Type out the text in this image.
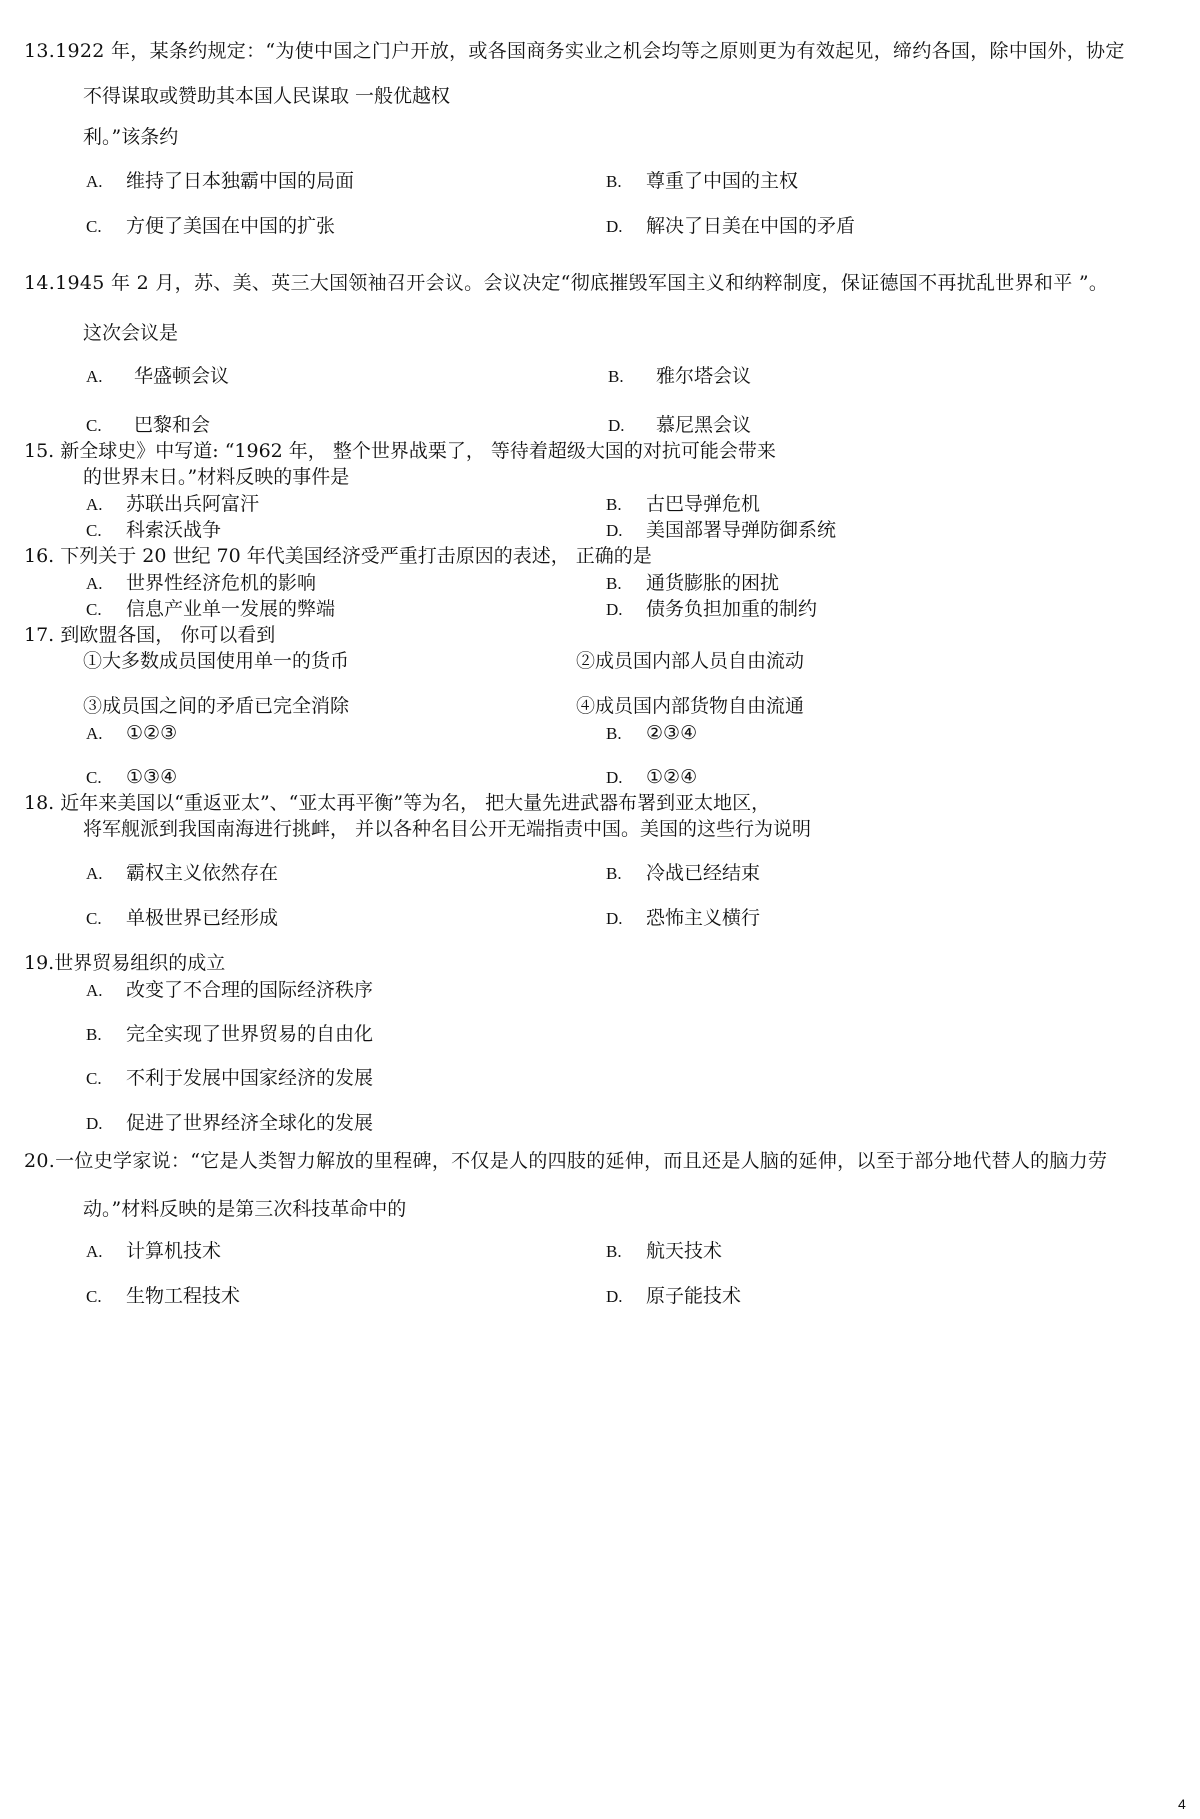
13.1922 年，某条约规定：“为使中国之门户开放，或各国商务实业之机会均等之原则更为有效起见，缔约各国，除中国外，协定
不得谋取或赞助其本国人民谋取 一般优越权
利。”该条约
A. 维持了日本独霸中国的局面	B. 尊重了中国的主权
C. 方便了美国在中国的扩张	D. 解决了日美在中国的矛盾
14.1945 年 2 月，苏、美、英三大国领袖召开会议。会议决定“彻底摧毁军国主义和纳粹制度，保证德国不再扰乱世界和平 ”。
这次会议是
A. 华盛顿会议	B. 雅尔塔会议
C. 巴黎和会	D. 慕尼黑会议
15. 新全球史》中写道: “1962 年， 整个世界战栗了， 等待着超级大国的对抗可能会带来
的世界末日。”材料反映的事件是
A. 苏联出兵阿富汗	B. 古巴导弹危机
C. 科索沃战争	D. 美国部署导弹防御系统
16. 下列关于 20 世纪 70 年代美国经济受严重打击原因的表述， 正确的是
A. 世界性经济危机的影响	B. 通货膨胀的困扰
C. 信息产业单一发展的弊端	D. 债务负担加重的制约
17. 到欧盟各国， 你可以看到
①大多数成员国使用单一的货币	②成员国内部人员自由流动
③成员国之间的矛盾已完全消除	④成员国内部货物自由流通
A. ①②③	B. ②③④
C. ①③④	D. ①②④
18. 近年来美国以“重返亚太”、“亚太再平衡”等为名， 把大量先进武器布署到亚太地区，
将军舰派到我国南海进行挑衅， 并以各种名目公开无端指责中国。美国的这些行为说明
A. 霸权主义依然存在	B. 冷战已经结束
C. 单极世界已经形成	D. 恐怖主义横行
19.世界贸易组织的成立
A. 改变了不合理的国际经济秩序
B. 完全实现了世界贸易的自由化
C. 不利于发展中国家经济的发展
D. 促进了世界经济全球化的发展
20.一位史学家说：“它是人类智力解放的里程碑，不仅是人的四肢的延伸，而且还是人脑的延伸，以至于部分地代替人的脑力劳
动。”材料反映的是第三次科技革命中的
A. 计算机技术	B. 航天技术
C. 生物工程技术	D. 原子能技术
4
